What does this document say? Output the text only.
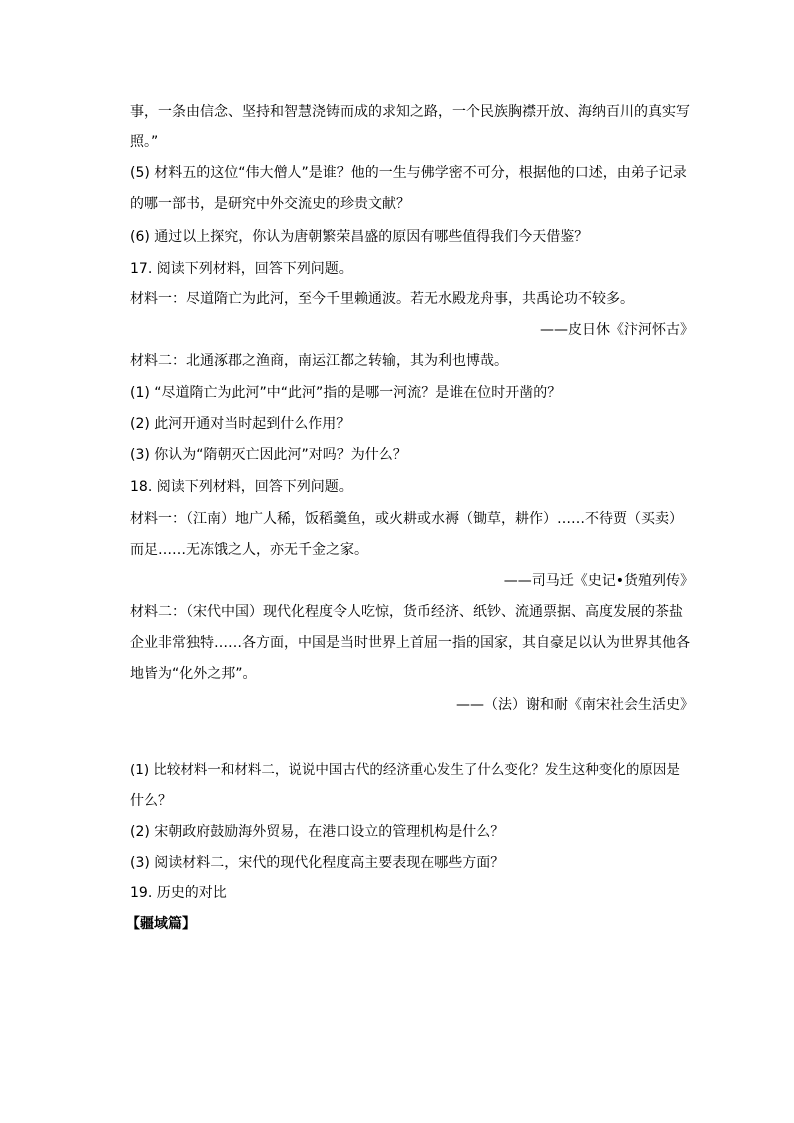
事，一条由信念、坚持和智慧浇铸而成的求知之路，一个民族胸襟开放、海纳百川的真实写
照。”
(5) 材料五的这位“伟大僧人”是谁？他的一生与佛学密不可分，根据他的口述，由弟子记录
的哪一部书，是研究中外交流史的珍贵文献？
(6) 通过以上探究，你认为唐朝繁荣昌盛的原因有哪些值得我们今天借鉴？
17. 阅读下列材料，回答下列问题。
材料一：尽道隋亡为此河，至今千里赖通波。若无水殿龙舟事，共禹论功不较多。
——皮日休《汴河怀古》
材料二：北通涿郡之渔商，南运江都之转输，其为利也博哉。
(1) “尽道隋亡为此河”中“此河”指的是哪一河流？是谁在位时开凿的？
(2) 此河开通对当时起到什么作用？
(3) 你认为“隋朝灭亡因此河”对吗？为什么？
18. 阅读下列材料，回答下列问题。
材料一：（江南）地广人稀，饭稻羹鱼，或火耕或水褥（锄草，耕作）……不待贾（买卖）
而足……无冻饿之人，亦无千金之家。
——司马迁《史记•货殖列传》
材料二：（宋代中国）现代化程度令人吃惊，货币经济、纸钞、流通票据、高度发展的茶盐
企业非常独特……各方面，中国是当时世界上首屈一指的国家，其自豪足以认为世界其他各
地皆为“化外之邦”。
——（法）谢和耐《南宋社会生活史》
(1) 比较材料一和材料二，说说中国古代的经济重心发生了什么变化？发生这种变化的原因是
什么？
(2) 宋朝政府鼓励海外贸易，在港口设立的管理机构是什么？
(3) 阅读材料二，宋代的现代化程度高主要表现在哪些方面？
19. 历史的对比
【疆域篇】
